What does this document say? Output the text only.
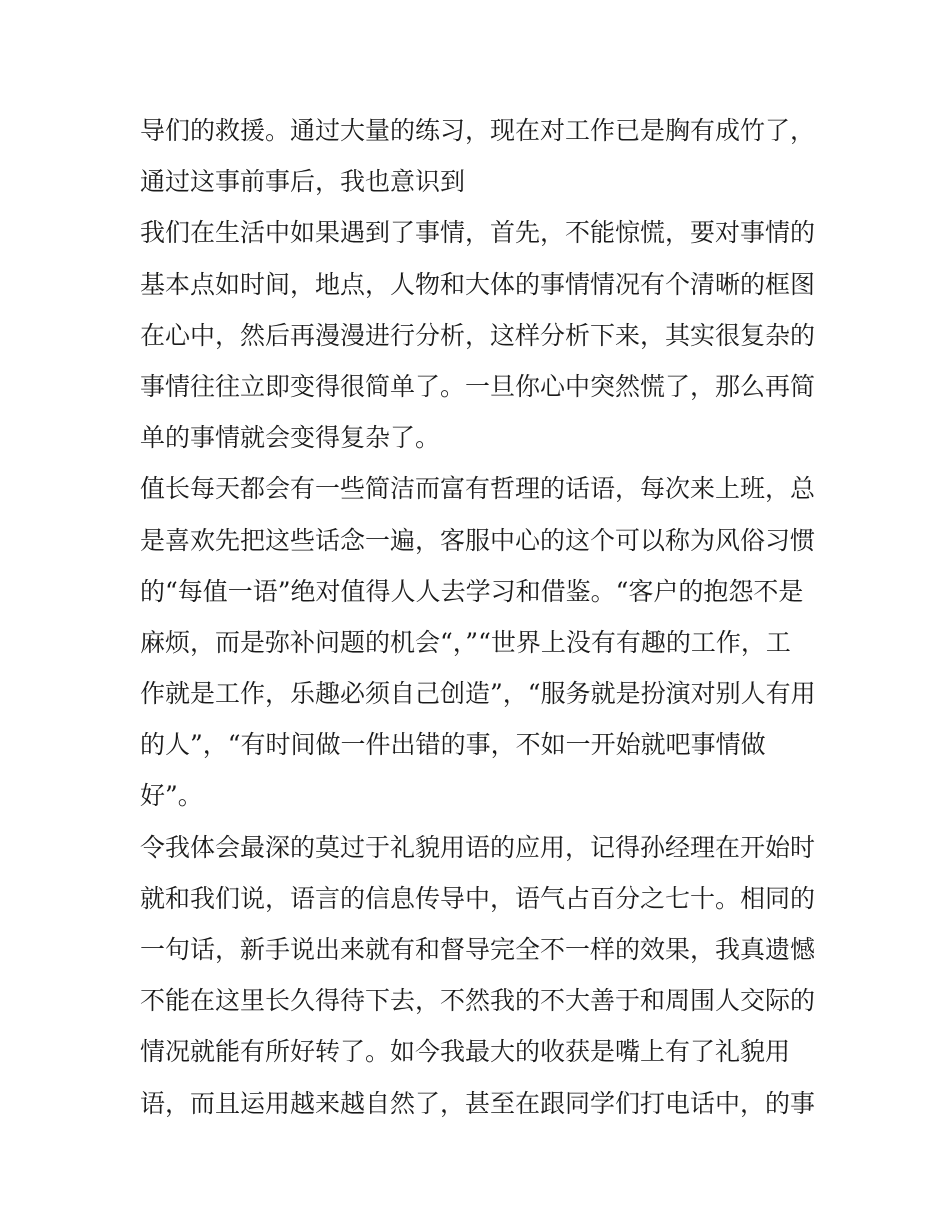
导们的救援。通过大量的练习，现在对工作已是胸有成竹了，
通过这事前事后，我也意识到
我们在生活中如果遇到了事情，首先，不能惊慌，要对事情的
基本点如时间，地点，人物和大体的事情情况有个清晰的框图
在心中，然后再漫漫进行分析，这样分析下来，其实很复杂的
事情往往立即变得很简单了。一旦你心中突然慌了，那么再简
单的事情就会变得复杂了。
值长每天都会有一些简洁而富有哲理的话语，每次来上班，总
是喜欢先把这些话念一遍，客服中心的这个可以称为风俗习惯
的“每值一语”绝对值得人人去学习和借鉴。“客户的抱怨不是
麻烦，而是弥补问题的机会“，”“世界上没有有趣的工作，工
作就是工作，乐趣必须自己创造”，“服务就是扮演对别人有用
的人”，“有时间做一件出错的事，不如一开始就吧事情做
好”。
令我体会最深的莫过于礼貌用语的应用，记得孙经理在开始时
就和我们说，语言的信息传导中，语气占百分之七十。相同的
一句话，新手说出来就有和督导完全不一样的效果，我真遗憾
不能在这里长久得待下去，不然我的不大善于和周围人交际的
情况就能有所好转了。如今我最大的收获是嘴上有了礼貌用
语，而且运用越来越自然了，甚至在跟同学们打电话中，的事
